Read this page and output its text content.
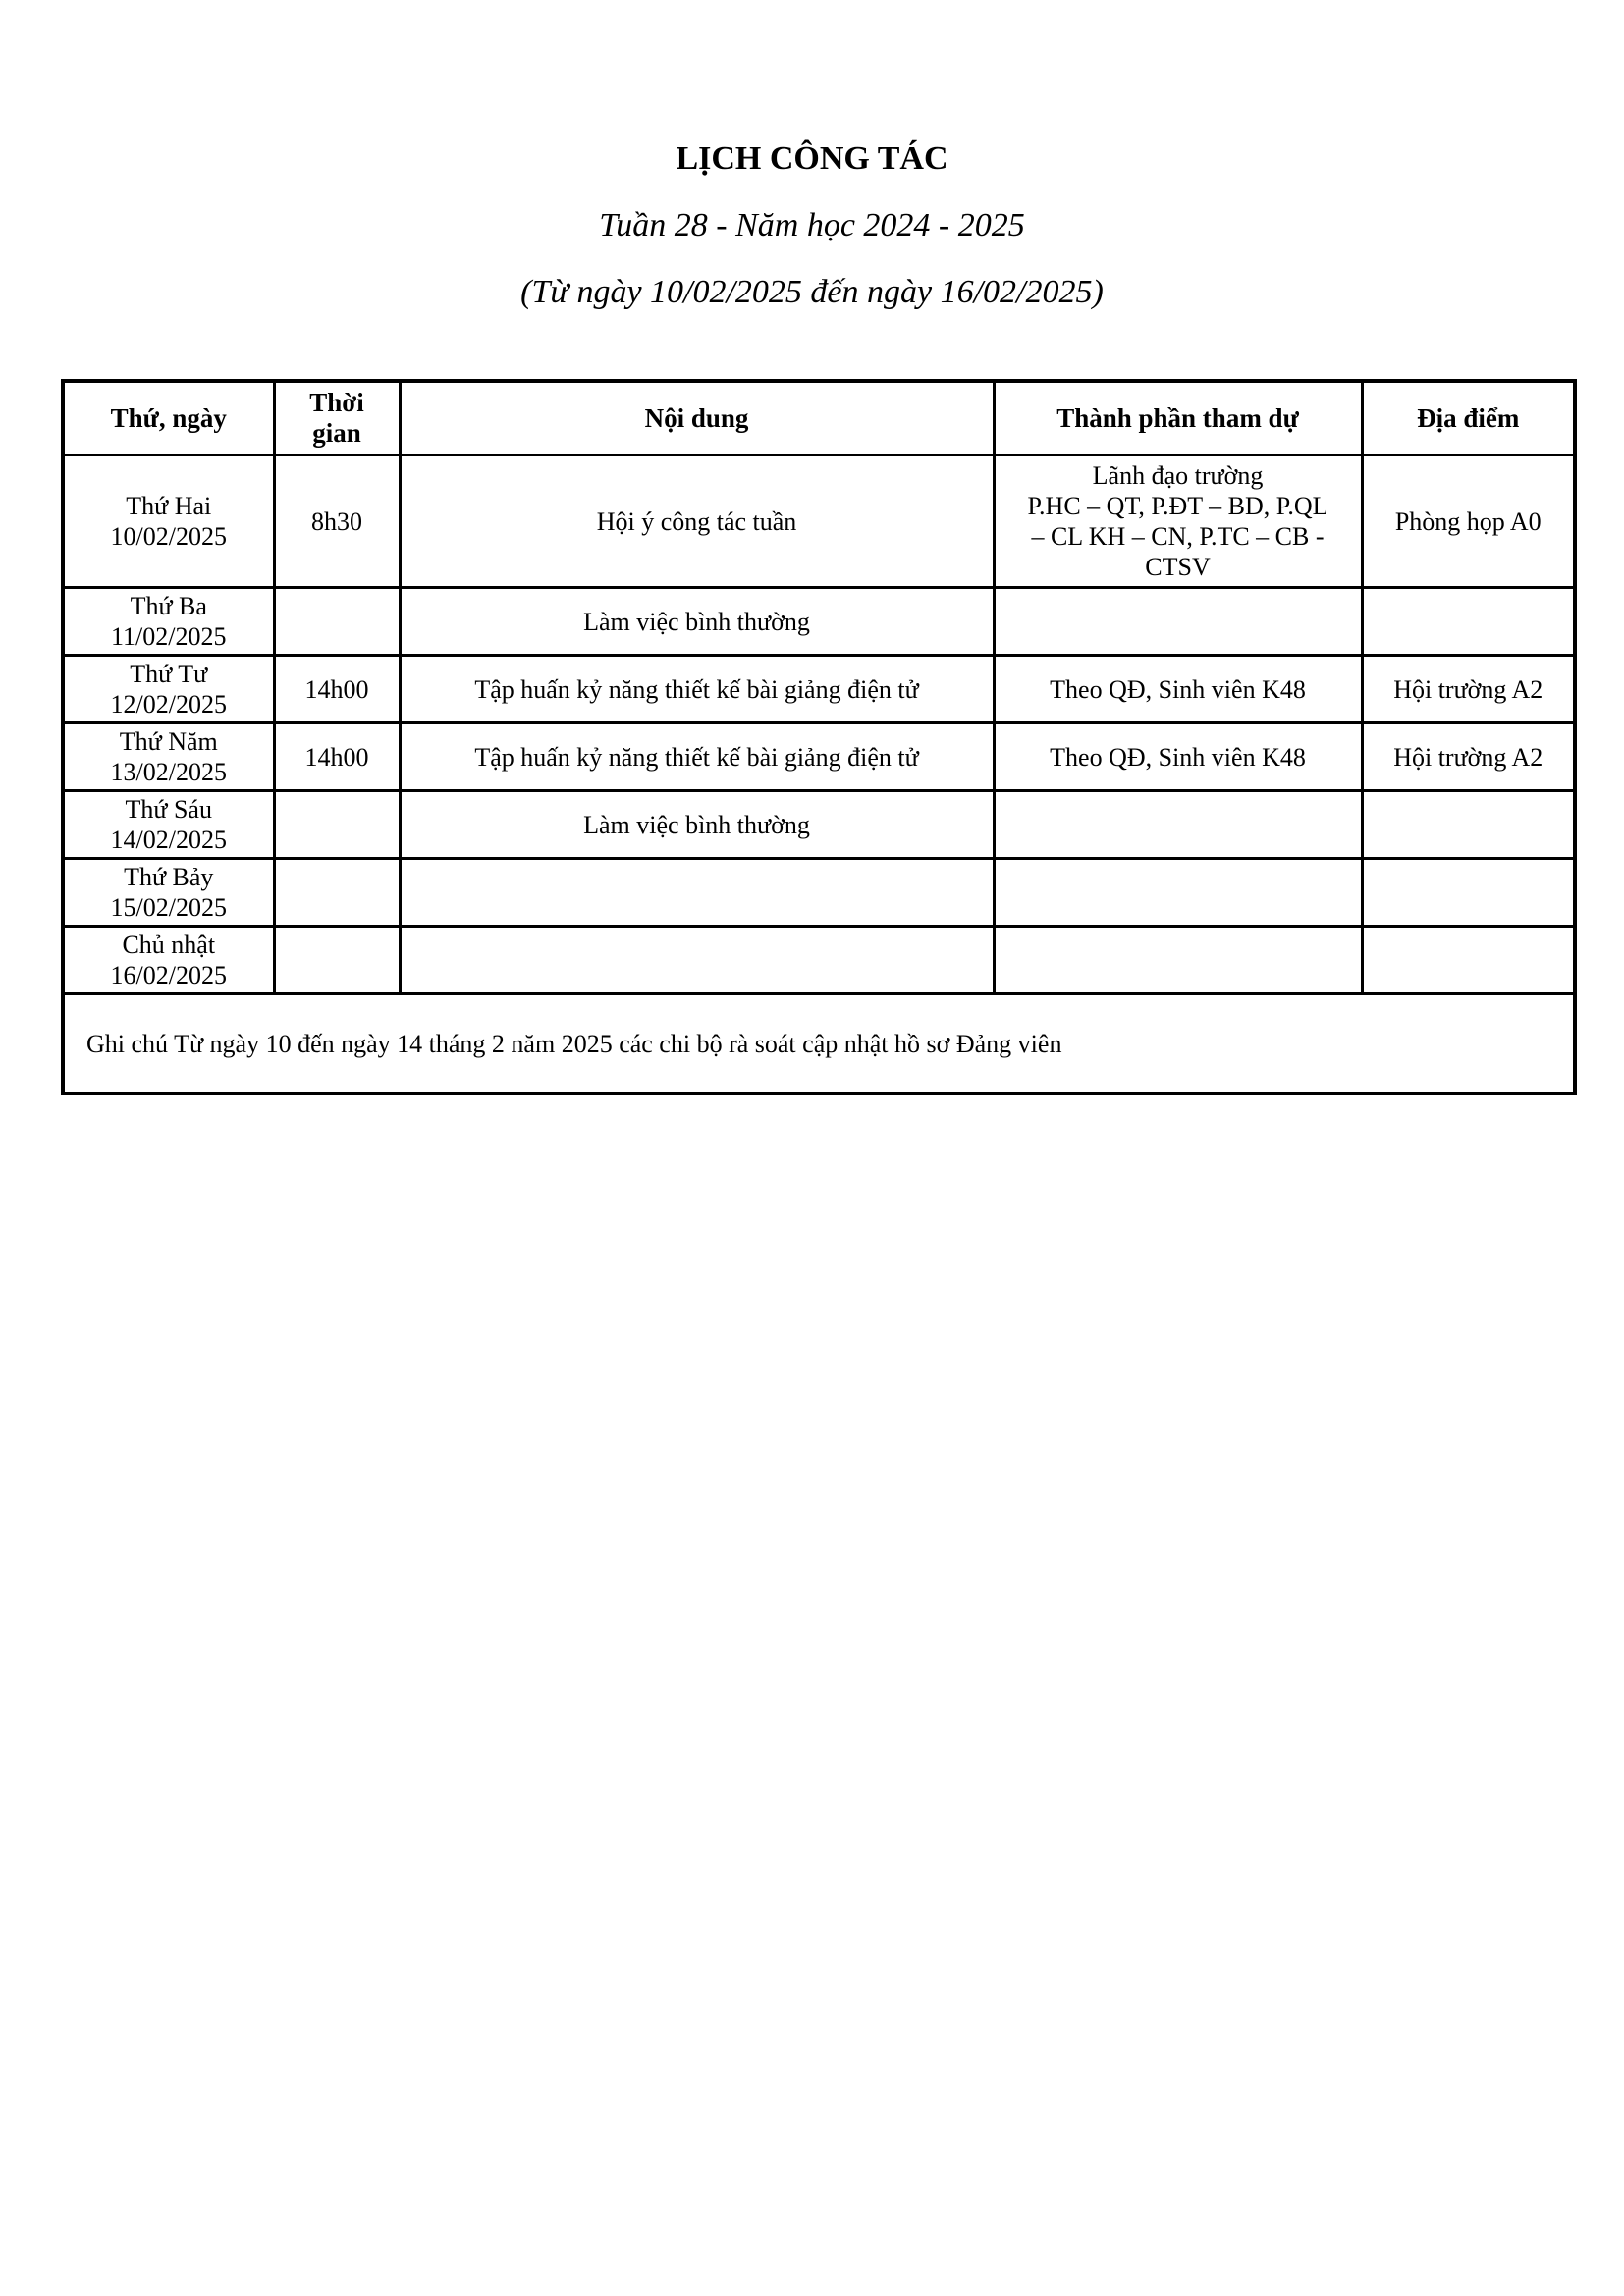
LỊCH CÔNG TÁC
Tuần 28 - Năm học 2024 - 2025
(Từ ngày 10/02/2025 đến ngày 16/02/2025)
Thứ, ngày	Thời
gian	Nội dung	Thành phần tham dự	Địa điểm

Thứ Hai
10/02/2025	8h30	Hội ý công tác tuần	Lãnh đạo trường
P.HC – QT, P.ĐT – BD, P.QL
– CL KH – CN, P.TC – CB -
CTSV	Phòng họp A0

Thứ Ba
11/02/2025		Làm việc bình thường		

Thứ Tư
12/02/2025	14h00	Tập huấn kỷ năng thiết kế bài giảng điện tử	Theo QĐ, Sinh viên K48	Hội trường A2

Thứ Năm
13/02/2025	14h00	Tập huấn kỷ năng thiết kế bài giảng điện tử	Theo QĐ, Sinh viên K48	Hội trường A2

Thứ Sáu
14/02/2025		Làm việc bình thường		

Thứ Bảy
15/02/2025				

Chủ nhật
16/02/2025				

Ghi chú Từ ngày 10 đến ngày 14 tháng 2 năm 2025 các chi bộ rà soát cập nhật hồ sơ Đảng viên				
